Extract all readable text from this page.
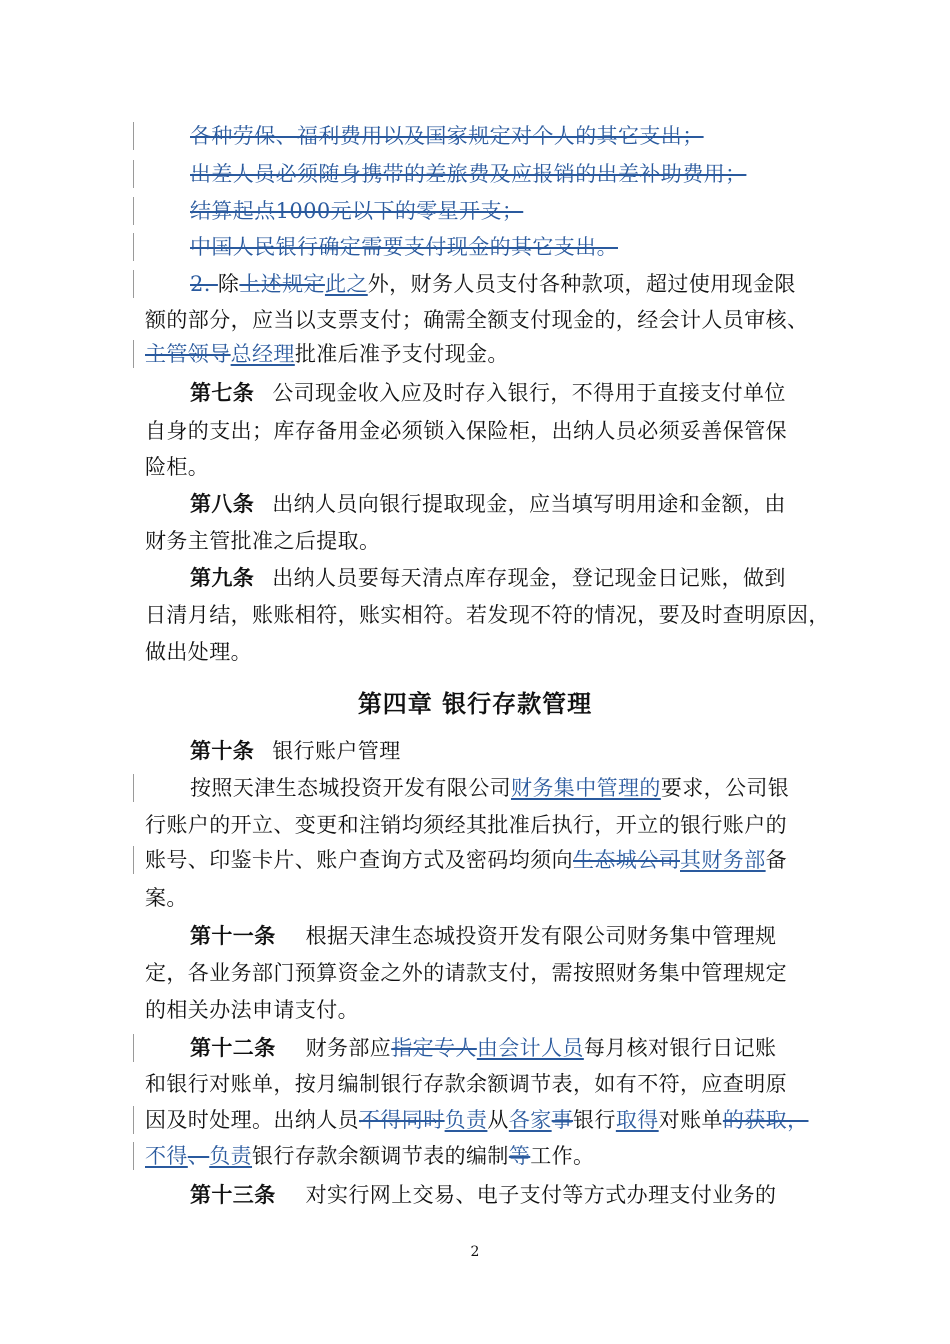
各种劳保、福利费用以及国家规定对个人的其它支出；
出差人员必须随身携带的差旅费及应报销的出差补助费用；
结算起点1000元以下的零星开支；
中国人民银行确定需要支付现金的其它支出。
2. 除上述规定此之外，财务人员支付各种款项，超过使用现金限
额的部分，应当以支票支付；确需全额支付现金的，经会计人员审核、
主管领导总经理批准后准予支付现金。
第七条 公司现金收入应及时存入银行，不得用于直接支付单位
自身的支出；库存备用金必须锁入保险柜，出纳人员必须妥善保管保
险柜。
第八条 出纳人员向银行提取现金，应当填写明用途和金额，由
财务主管批准之后提取。
第九条 出纳人员要每天清点库存现金，登记现金日记账，做到
日清月结，账账相符，账实相符。若发现不符的情况，要及时查明原因，
做出处理。
第四章 银行存款管理
第十条 银行账户管理
按照天津生态城投资开发有限公司财务集中管理的要求，公司银
行账户的开立、变更和注销均须经其批准后执行，开立的银行账户的
账号、印鉴卡片、账户查询方式及密码均须向生态城公司其财务部备
案。
第十一条 根据天津生态城投资开发有限公司财务集中管理规
定，各业务部门预算资金之外的请款支付，需按照财务集中管理规定
的相关办法申请支付。
第十二条 财务部应指定专人由会计人员每月核对银行日记账
和银行对账单，按月编制银行存款余额调节表，如有不符，应查明原
因及时处理。出纳人员不得同时负责从各家事银行取得对账单的获取，
不得、负责银行存款余额调节表的编制等工作。
第十三条 对实行网上交易、电子支付等方式办理支付业务的
2
